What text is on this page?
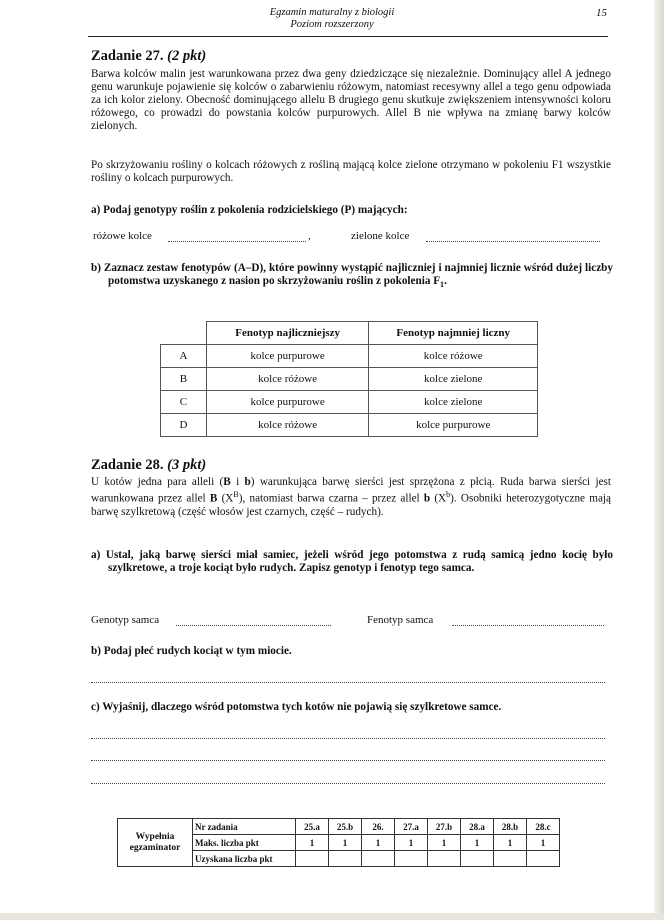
Egzamin maturalny z biologii
Poziom rozszerzony
15
Zadanie 27. (2 pkt)
Barwa kolców malin jest warunkowana przez dwa geny dziedziczące się niezależnie. Dominujący allel A jednego genu warunkuje pojawienie się kolców o zabarwieniu różowym, natomiast recesywny allel a tego genu odpowiada za ich kolor zielony. Obecność dominującego allelu B drugiego genu skutkuje zwiększeniem intensywności koloru różowego, co prowadzi do powstania kolców purpurowych. Allel B nie wpływa na zmianę barwy kolców zielonych.
Po skrzyżowaniu rośliny o kolcach różowych z rośliną mającą kolce zielone otrzymano w pokoleniu F1 wszystkie rośliny o kolcach purpurowych.
a) Podaj genotypy roślin z pokolenia rodzicielskiego (P) mających:
różowe kolce	,	zielone kolce
b) Zaznacz zestaw fenotypów (A–D), które powinny wystąpić najliczniej i najmniej licznie wśród dużej liczby potomstwa uzyskanego z nasion po skrzyżowaniu roślin z pokolenia $F_1$.
	Fenotyp najliczniejszy	Fenotyp najmniej liczny
A	kolce purpurowe	kolce różowe
B	kolce różowe	kolce zielone
C	kolce purpurowe	kolce zielone
D	kolce różowe	kolce purpurowe
Zadanie 28. (3 pkt)
U kotów jedna para alleli (B i b) warunkująca barwę sierści jest sprzężona z płcią. Ruda barwa sierści jest warunkowana przez allel B $(X^B)$, natomiast barwa czarna – przez allel b $(X^b)$. Osobniki heterozygotyczne mają barwę szylkretową (część włosów jest czarnych, część – rudych).
a) Ustal, jaką barwę sierści miał samiec, jeżeli wśród jego potomstwa z rudą samicą jedno kocię było szylkretowe, a troje kociąt było rudych. Zapisz genotyp i fenotyp tego samca.
Genotyp samca	Fenotyp samca
b) Podaj płeć rudych kociąt w tym miocie.
c) Wyjaśnij, dlaczego wśród potomstwa tych kotów nie pojawią się szylkretowe samce.
Wypełnia
egzaminator	Nr zadania	25.a	25.b	26.	27.a	27.b	28.a	28.b	28.c
	Maks. liczba pkt	1	1	1	1	1	1	1	1
	Uzyskana liczba pkt								
